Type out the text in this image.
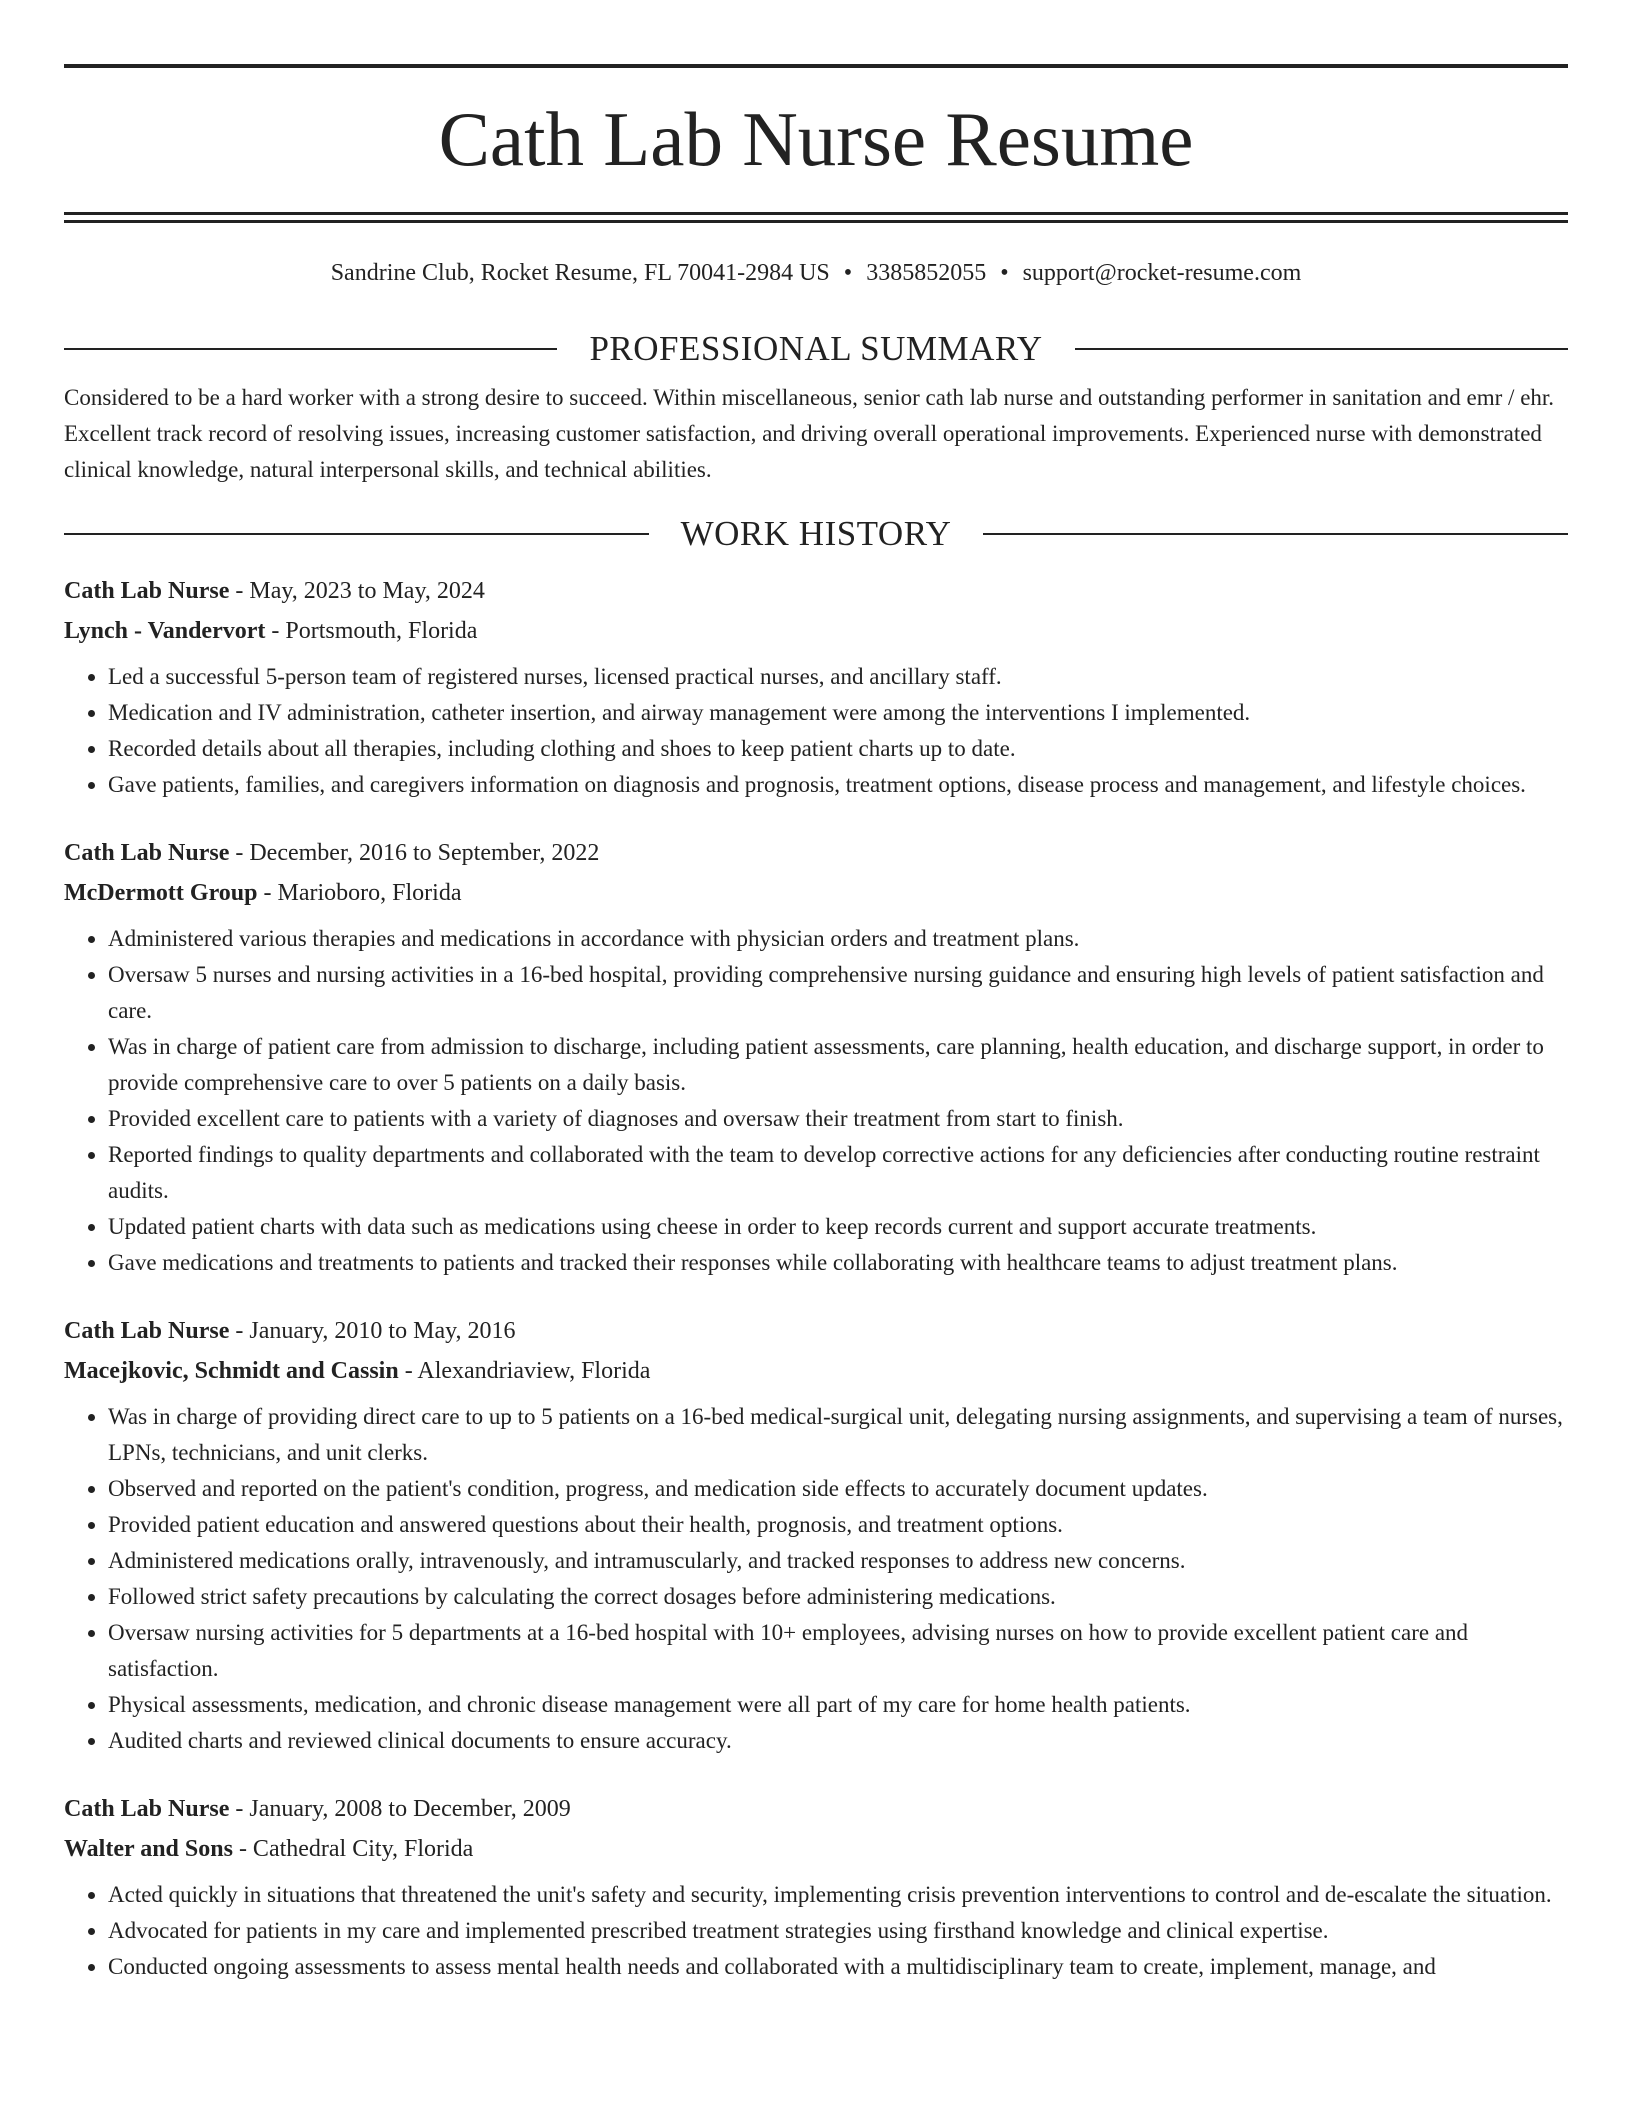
Cath Lab Nurse Resume
Sandrine Club, Rocket Resume, FL 70041-2984 US • 3385852055 • support@rocket-resume.com
PROFESSIONAL SUMMARY
Considered to be a hard worker with a strong desire to succeed. Within miscellaneous, senior cath lab nurse and outstanding performer in sanitation and emr / ehr. Excellent track record of resolving issues, increasing customer satisfaction, and driving overall operational improvements. Experienced nurse with demonstrated clinical knowledge, natural interpersonal skills, and technical abilities.
WORK HISTORY
Cath Lab Nurse - May, 2023 to May, 2024
Lynch - Vandervort - Portsmouth, Florida
• Led a successful 5-person team of registered nurses, licensed practical nurses, and ancillary staff.
• Medication and IV administration, catheter insertion, and airway management were among the interventions I implemented.
• Recorded details about all therapies, including clothing and shoes to keep patient charts up to date.
• Gave patients, families, and caregivers information on diagnosis and prognosis, treatment options, disease process and management, and lifestyle choices.
Cath Lab Nurse - December, 2016 to September, 2022
McDermott Group - Marioboro, Florida
• Administered various therapies and medications in accordance with physician orders and treatment plans.
• Oversaw 5 nurses and nursing activities in a 16-bed hospital, providing comprehensive nursing guidance and ensuring high levels of patient satisfaction and care.
• Was in charge of patient care from admission to discharge, including patient assessments, care planning, health education, and discharge support, in order to provide comprehensive care to over 5 patients on a daily basis.
• Provided excellent care to patients with a variety of diagnoses and oversaw their treatment from start to finish.
• Reported findings to quality departments and collaborated with the team to develop corrective actions for any deficiencies after conducting routine restraint audits.
• Updated patient charts with data such as medications using cheese in order to keep records current and support accurate treatments.
• Gave medications and treatments to patients and tracked their responses while collaborating with healthcare teams to adjust treatment plans.
Cath Lab Nurse - January, 2010 to May, 2016
Macejkovic, Schmidt and Cassin - Alexandriaview, Florida
• Was in charge of providing direct care to up to 5 patients on a 16-bed medical-surgical unit, delegating nursing assignments, and supervising a team of nurses, LPNs, technicians, and unit clerks.
• Observed and reported on the patient's condition, progress, and medication side effects to accurately document updates.
• Provided patient education and answered questions about their health, prognosis, and treatment options.
• Administered medications orally, intravenously, and intramuscularly, and tracked responses to address new concerns.
• Followed strict safety precautions by calculating the correct dosages before administering medications.
• Oversaw nursing activities for 5 departments at a 16-bed hospital with 10+ employees, advising nurses on how to provide excellent patient care and satisfaction.
• Physical assessments, medication, and chronic disease management were all part of my care for home health patients.
• Audited charts and reviewed clinical documents to ensure accuracy.
Cath Lab Nurse - January, 2008 to December, 2009
Walter and Sons - Cathedral City, Florida
• Acted quickly in situations that threatened the unit's safety and security, implementing crisis prevention interventions to control and de-escalate the situation.
• Advocated for patients in my care and implemented prescribed treatment strategies using firsthand knowledge and clinical expertise.
• Conducted ongoing assessments to assess mental health needs and collaborated with a multidisciplinary team to create, implement, manage, and
